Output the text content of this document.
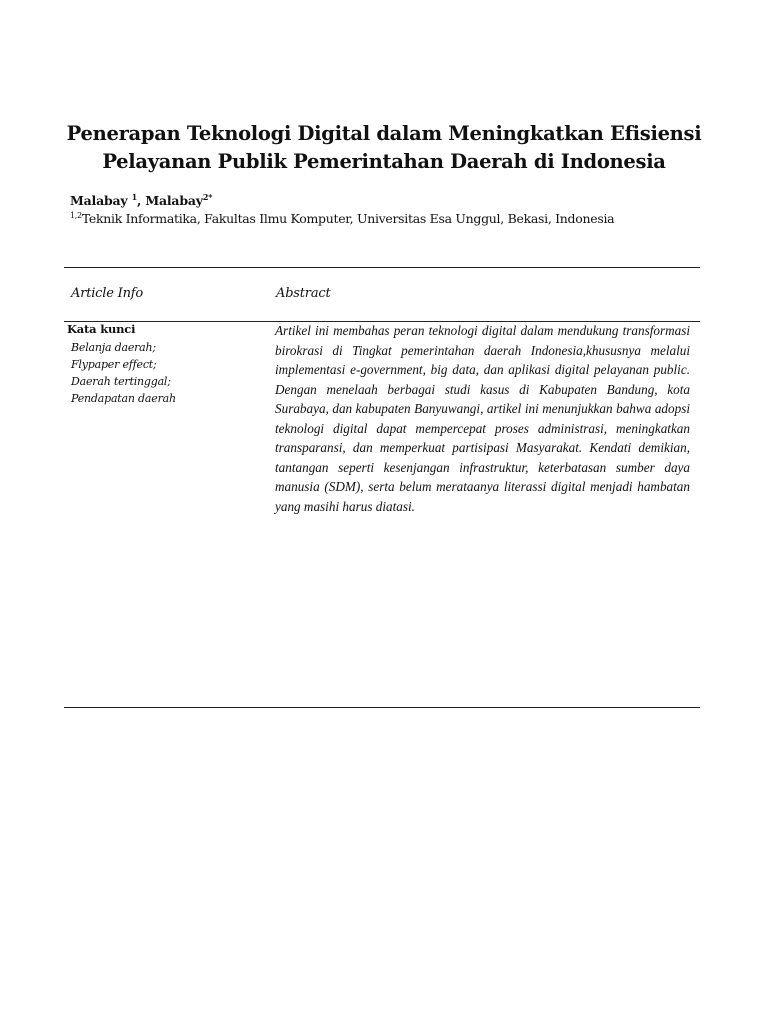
Penerapan Teknologi Digital dalam Meningkatkan Efisiensi
Pelayanan Publik Pemerintahan Daerah di Indonesia
Malabay $^1$, Malabay$^{2*}$
$^{1,2}$Teknik Informatika, Fakultas Ilmu Komputer, Universitas Esa Unggul, Bekasi, Indonesia
Article Info	Abstract
Kata kunci
Belanja daerah;
Flypaper effect;
Daerah tertinggal;
Pendapatan daerah

Artikel ini membahas peran teknologi digital dalam mendukung transformasi birokrasi di Tingkat pemerintahan daerah Indonesia,khususnya melalui implementasi e-government, big data, dan aplikasi digital pelayanan public. Dengan menelaah berbagai studi kasus di Kabupaten Bandung, kota Surabaya, dan kabupaten Banyuwangi, artikel ini menunjukkan bahwa adopsi teknologi digital dapat mempercepat proses administrasi, meningkatkan transparansi, dan memperkuat partisipasi Masyarakat. Kendati demikian, tantangan seperti kesenjangan infrastruktur, keterbatasan sumber daya manusia (SDM), serta belum merataanya literassi digital menjadi hambatan yang masihi harus diatasi.
